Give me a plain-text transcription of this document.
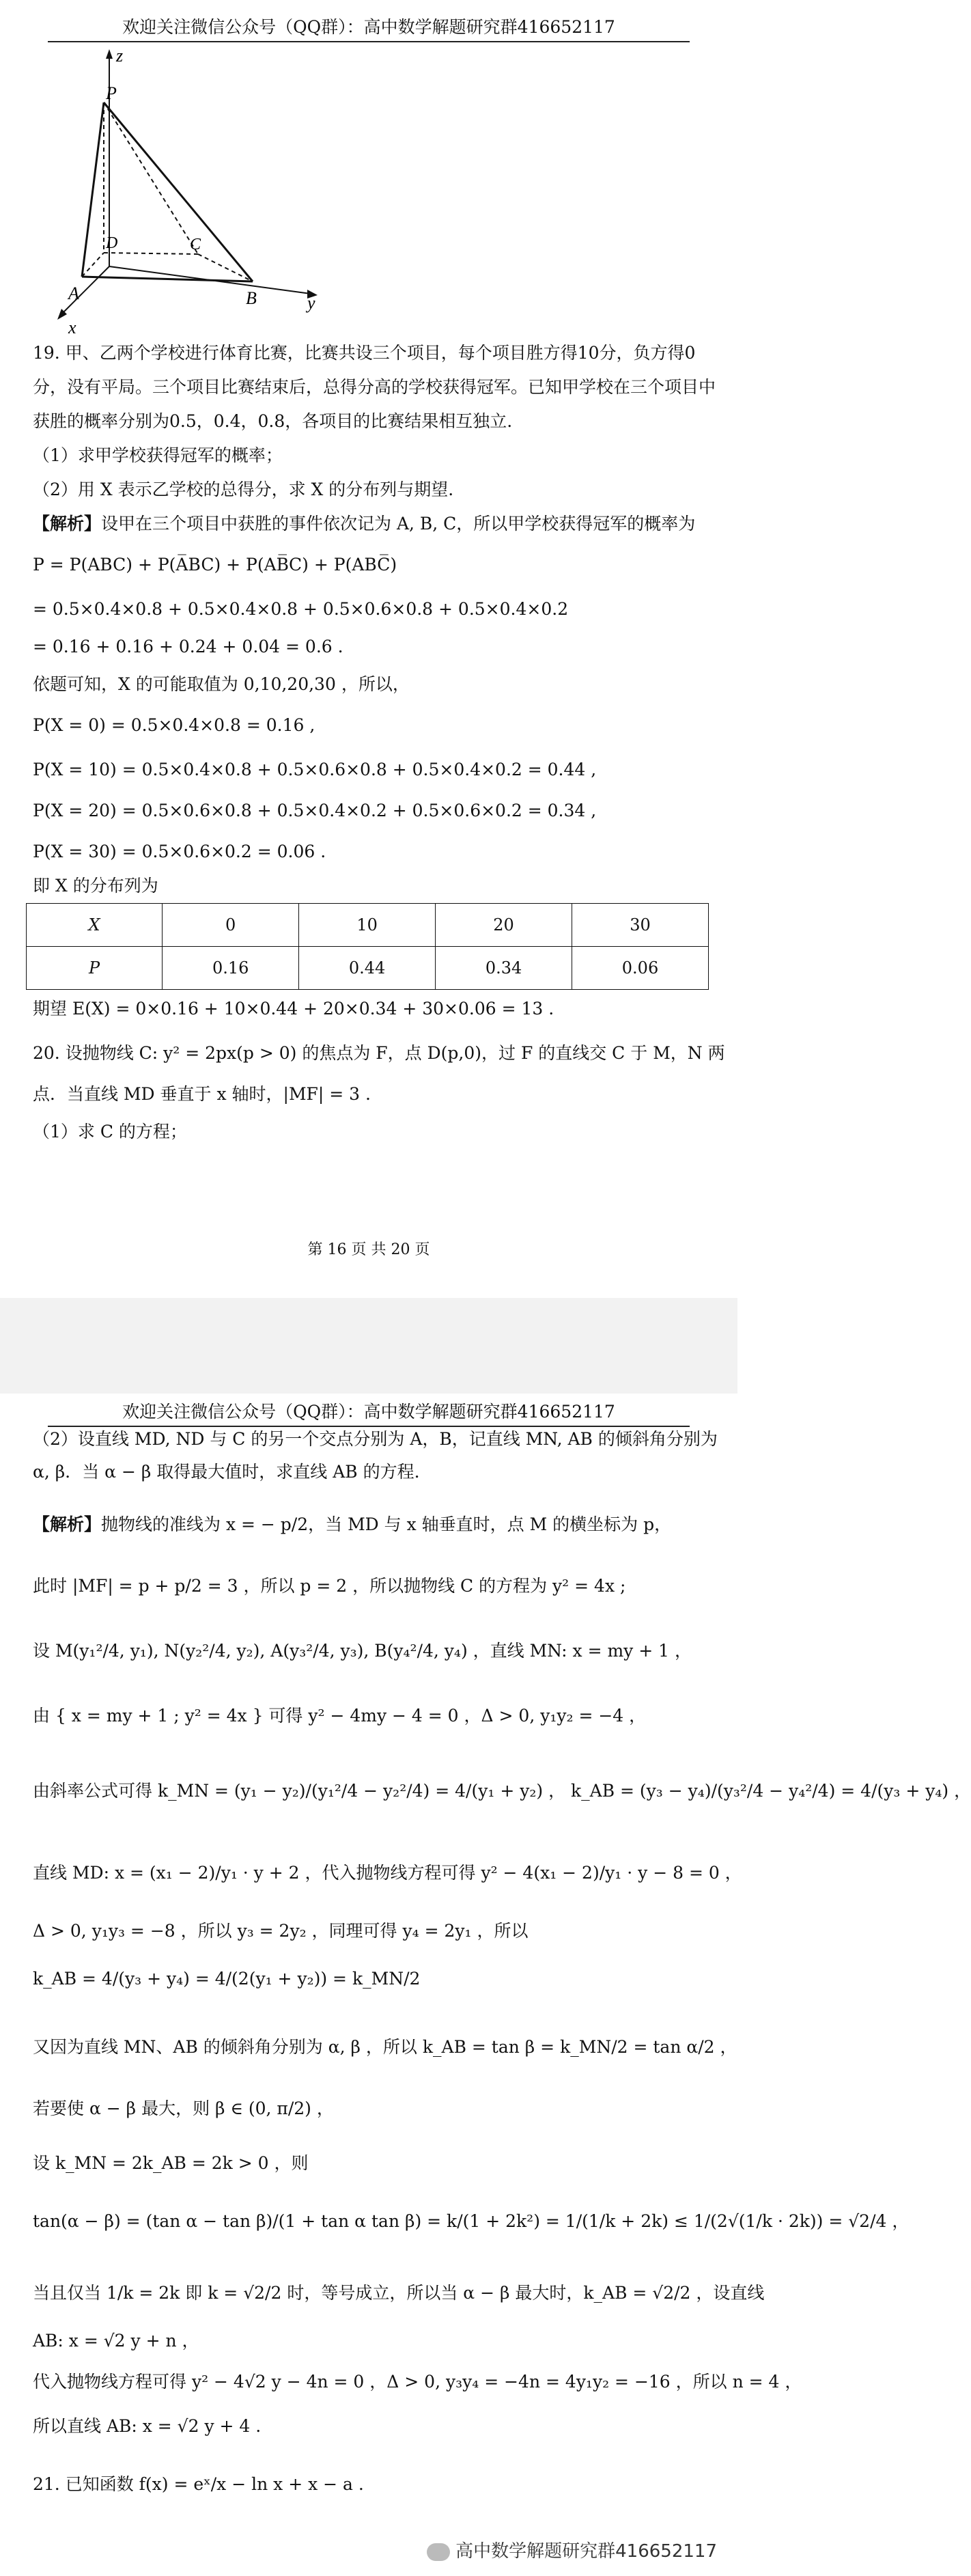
欢迎关注微信公众号（QQ群）：高中数学解题研究群416652117
z
P
D	C
A	B
x
y
19. 甲、乙两个学校进行体育比赛，比赛共设三个项目，每个项目胜方得10分，负方得0
分，没有平局。三个项目比赛结束后，总得分高的学校获得冠军。已知甲学校在三个项目中
获胜的概率分别为0.5，0.4，0.8，各项目的比赛结果相互独立.
（1）求甲学校获得冠军的概率；
（2）用 X 表示乙学校的总得分，求 X 的分布列与期望.
【解析】设甲在三个项目中获胜的事件依次记为 A, B, C，所以甲学校获得冠军的概率为
P = P(ABC) + P(A̅BC) + P(AB̅C) + P(ABC̅)
= 0.5×0.4×0.8 + 0.5×0.4×0.8 + 0.5×0.6×0.8 + 0.5×0.4×0.2
= 0.16 + 0.16 + 0.24 + 0.04 = 0.6 .
依题可知，X 的可能取值为 0,10,20,30 ，所以，
P(X = 0) = 0.5×0.4×0.8 = 0.16 ,
P(X = 10) = 0.5×0.4×0.8 + 0.5×0.6×0.8 + 0.5×0.4×0.2 = 0.44 ,
P(X = 20) = 0.5×0.6×0.8 + 0.5×0.4×0.2 + 0.5×0.6×0.2 = 0.34 ,
P(X = 30) = 0.5×0.6×0.2 = 0.06 .
即 X 的分布列为
X	0	10	20	30
P	0.16	0.44	0.34	0.06
期望 E(X) = 0×0.16 + 10×0.44 + 20×0.34 + 30×0.06 = 13 .
20. 设抛物线 C: y² = 2px(p > 0) 的焦点为 F，点 D(p,0)，过 F 的直线交 C 于 M，N 两
点．当直线 MD 垂直于 x 轴时，|MF| = 3 .
（1）求 C 的方程；
第 16 页 共 20 页
欢迎关注微信公众号（QQ群）：高中数学解题研究群416652117
（2）设直线 MD, ND 与 C 的另一个交点分别为 A，B，记直线 MN, AB 的倾斜角分别为
α, β．当 α − β 取得最大值时，求直线 AB 的方程.
【解析】抛物线的准线为 x = − p/2，当 MD 与 x 轴垂直时，点 M 的横坐标为 p，
此时 |MF| = p + p/2 = 3 ，所以 p = 2 ，所以抛物线 C 的方程为 y² = 4x ;
设 M(y₁²/4, y₁), N(y₂²/4, y₂), A(y₃²/4, y₃), B(y₄²/4, y₄) ，直线 MN: x = my + 1 ，
由 { x = my + 1 ; y² = 4x } 可得 y² − 4my − 4 = 0 ，Δ > 0, y₁y₂ = −4 ，
由斜率公式可得 k_MN = (y₁ − y₂)/(y₁²/4 − y₂²/4) = 4/(y₁ + y₂) ， k_AB = (y₃ − y₄)/(y₃²/4 − y₄²/4) = 4/(y₃ + y₄) ，
直线 MD: x = (x₁ − 2)/y₁ · y + 2 ，代入抛物线方程可得 y² − 4(x₁ − 2)/y₁ · y − 8 = 0 ，
Δ > 0, y₁y₃ = −8 ，所以 y₃ = 2y₂ ，同理可得 y₄ = 2y₁ ，所以
k_AB = 4/(y₃ + y₄) = 4/(2(y₁ + y₂)) = k_MN/2
又因为直线 MN、AB 的倾斜角分别为 α, β ，所以 k_AB = tan β = k_MN/2 = tan α/2 ，
若要使 α − β 最大，则 β ∈ (0, π/2) ，
设 k_MN = 2k_AB = 2k > 0 ，则
tan(α − β) = (tan α − tan β)/(1 + tan α tan β) = k/(1 + 2k²) = 1/(1/k + 2k) ≤ 1/(2√(1/k · 2k)) = √2/4 ，
当且仅当 1/k = 2k 即 k = √2/2 时，等号成立，所以当 α − β 最大时，k_AB = √2/2 ，设直线
AB: x = √2 y + n ，
代入抛物线方程可得 y² − 4√2 y − 4n = 0 ，Δ > 0, y₃y₄ = −4n = 4y₁y₂ = −16 ，所以 n = 4 ，
所以直线 AB: x = √2 y + 4 .
21. 已知函数 f(x) = eˣ/x − ln x + x − a .
高中数学解题研究群416652117
